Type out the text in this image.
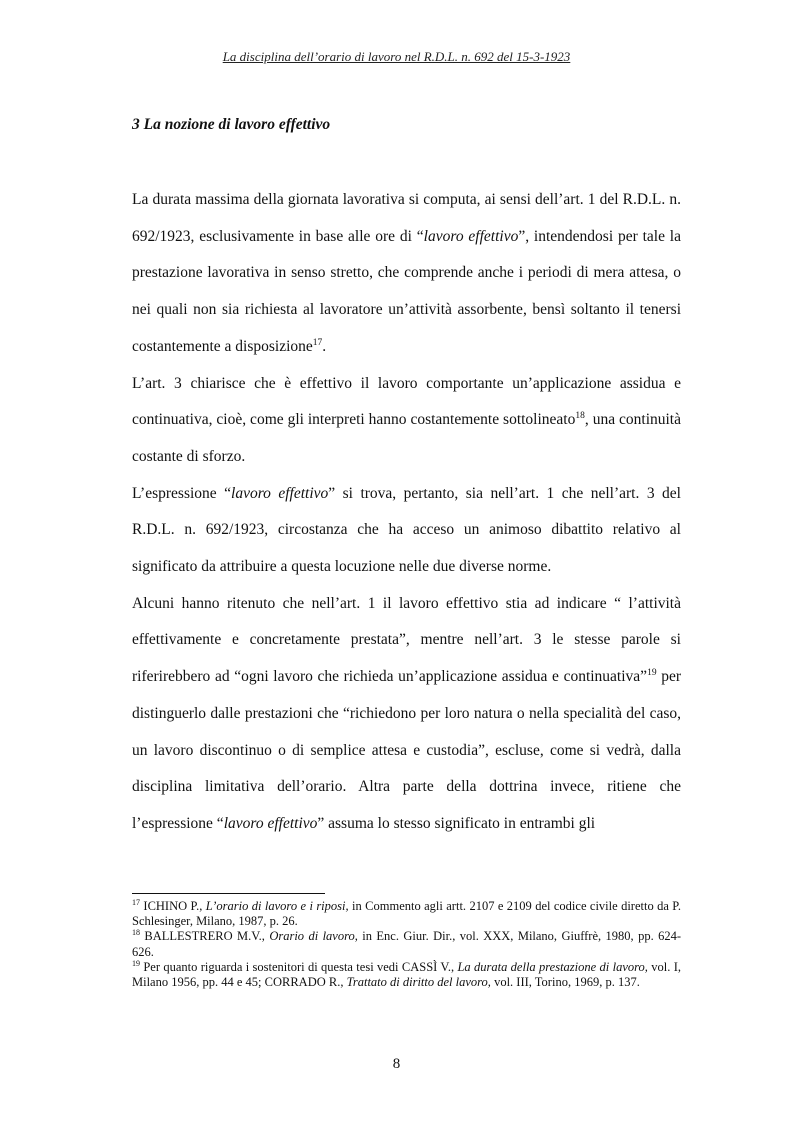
La disciplina dell’orario di lavoro nel R.D.L. n. 692 del 15-3-1923
3 La nozione di lavoro effettivo

La durata massima della giornata lavorativa si computa, ai sensi dell’art. 1 del R.D.L. n. 692/1923, esclusivamente in base alle ore di “lavoro effettivo”, intendendosi per tale la prestazione lavorativa in senso stretto, che comprende anche i periodi di mera attesa, o nei quali non sia richiesta al lavoratore un’attività assorbente, bensì soltanto il tenersi costantemente a disposizione$^{17}$.

L’art. 3 chiarisce che è effettivo il lavoro comportante un’applicazione assidua e continuativa, cioè, come gli interpreti hanno costantemente sottolineato$^{18}$, una continuità costante di sforzo.

L’espressione “lavoro effettivo” si trova, pertanto, sia nell’art. 1 che nell’art. 3 del R.D.L. n. 692/1923, circostanza che ha acceso un animoso dibattito relativo al significato da attribuire a questa locuzione nelle due diverse norme.

Alcuni hanno ritenuto che nell’art. 1 il lavoro effettivo stia ad indicare “ l’attività effettivamente e concretamente prestata”, mentre nell’art. 3 le stesse parole si riferirebbero ad “ogni lavoro che richieda un’applicazione assidua e continuativa”$^{19}$ per distinguerlo dalle prestazioni che “richiedono per loro natura o nella specialità del caso, un lavoro discontinuo o di semplice attesa e custodia”, escluse, come si vedrà, dalla disciplina limitativa dell’orario. Altra parte della dottrina invece, ritiene che l’espressione “lavoro effettivo” assuma lo stesso significato in entrambi gli

$^{17}$ ICHINO P., L’orario di lavoro e i riposi, in Commento agli artt. 2107 e 2109 del codice civile diretto da P. Schlesinger, Milano, 1987, p. 26.

$^{18}$ BALLESTRERO M.V., Orario di lavoro, in Enc. Giur. Dir., vol. XXX, Milano, Giuffrè, 1980, pp. 624-626.

$^{19}$ Per quanto riguarda i sostenitori di questa tesi vedi CASSÌ V., La durata della prestazione di lavoro, vol. I, Milano 1956, pp. 44 e 45; CORRADO R., Trattato di diritto del lavoro, vol. III, Torino, 1969, p. 137.

8
